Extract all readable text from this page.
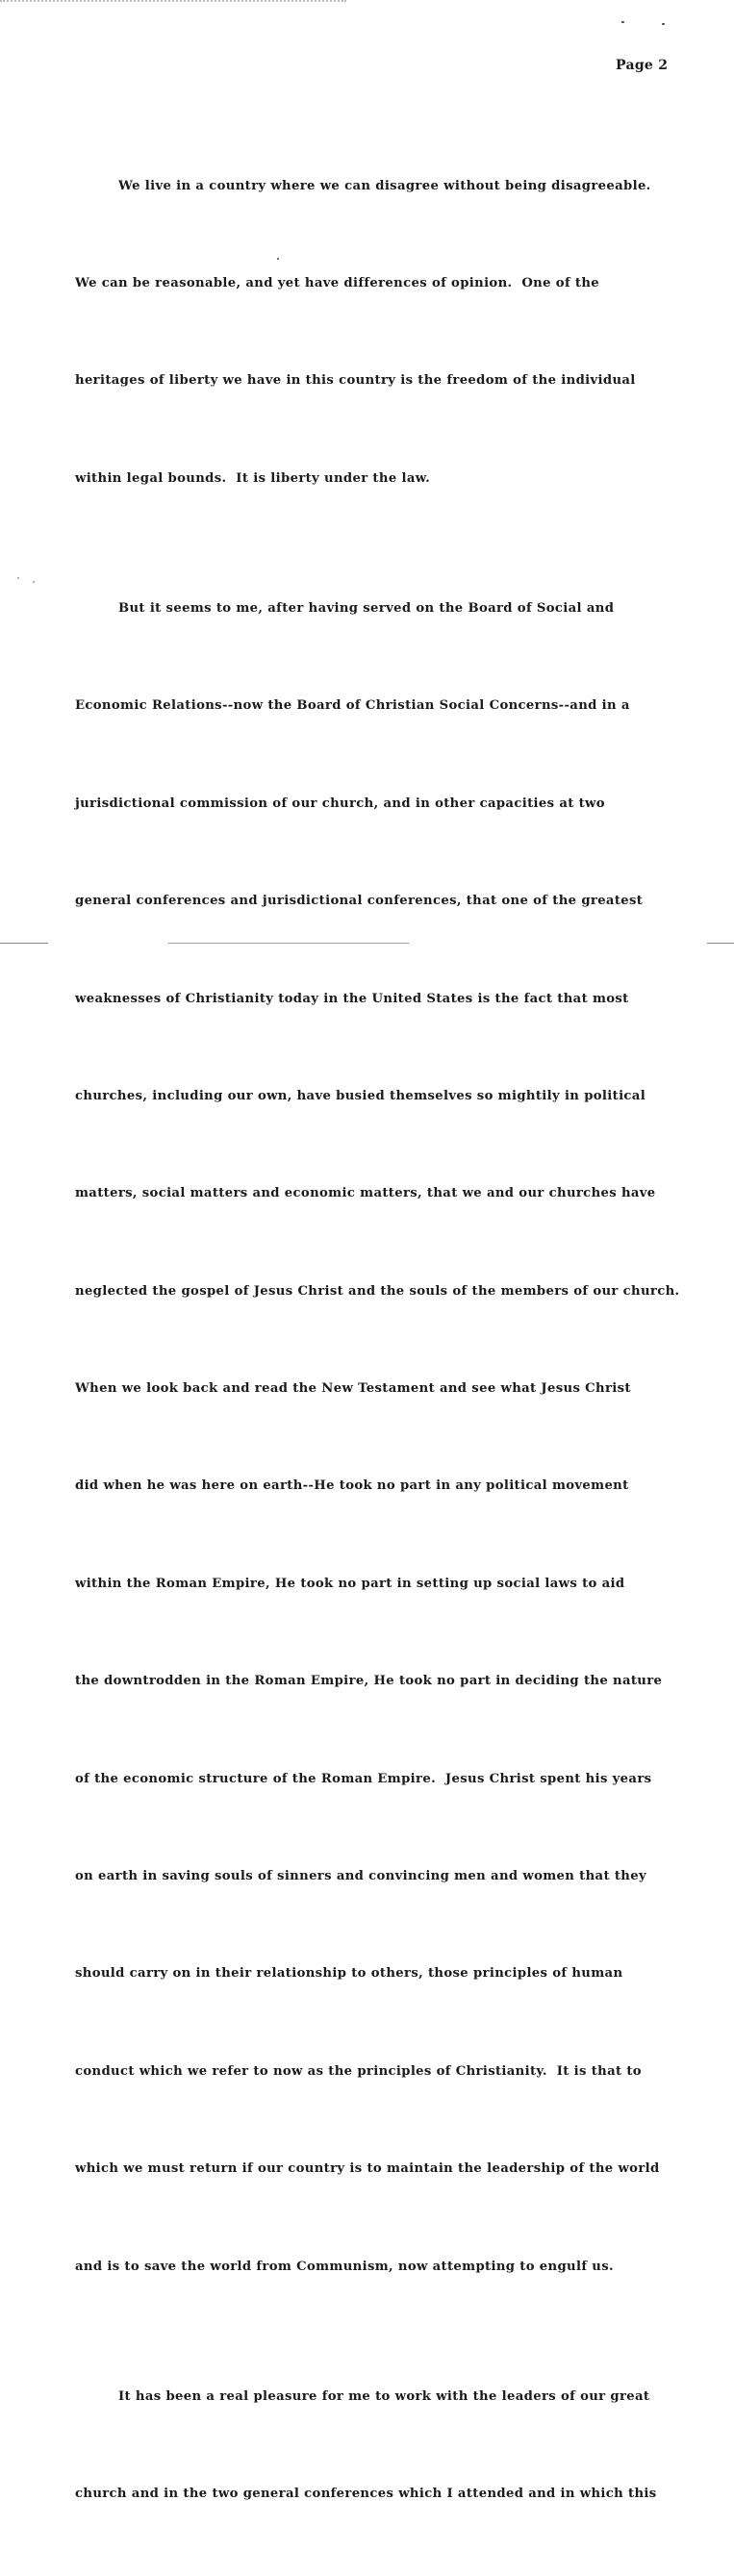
Page 2

We live in a country where we can disagree without being disagreeable.

We can be reasonable, and yet have differences of opinion.  One of the

heritages of liberty we have in this country is the freedom of the individual

within legal bounds.  It is liberty under the law.

But it seems to me, after having served on the Board of Social and

Economic Relations--now the Board of Christian Social Concerns--and in a

jurisdictional commission of our church, and in other capacities at two

general conferences and jurisdictional conferences, that one of the greatest

weaknesses of Christianity today in the United States is the fact that most

churches, including our own, have busied themselves so mightily in political

matters, social matters and economic matters, that we and our churches have

neglected the gospel of Jesus Christ and the souls of the members of our church.

When we look back and read the New Testament and see what Jesus Christ

did when he was here on earth--He took no part in any political movement

within the Roman Empire, He took no part in setting up social laws to aid

the downtrodden in the Roman Empire, He took no part in deciding the nature

of the economic structure of the Roman Empire.  Jesus Christ spent his years

on earth in saving souls of sinners and convincing men and women that they

should carry on in their relationship to others, those principles of human

conduct which we refer to now as the principles of Christianity.  It is that to

which we must return if our country is to maintain the leadership of the world

and is to save the world from Communism, now attempting to engulf us.

It has been a real pleasure for me to work with the leaders of our great

church and in the two general conferences which I attended and in which this
